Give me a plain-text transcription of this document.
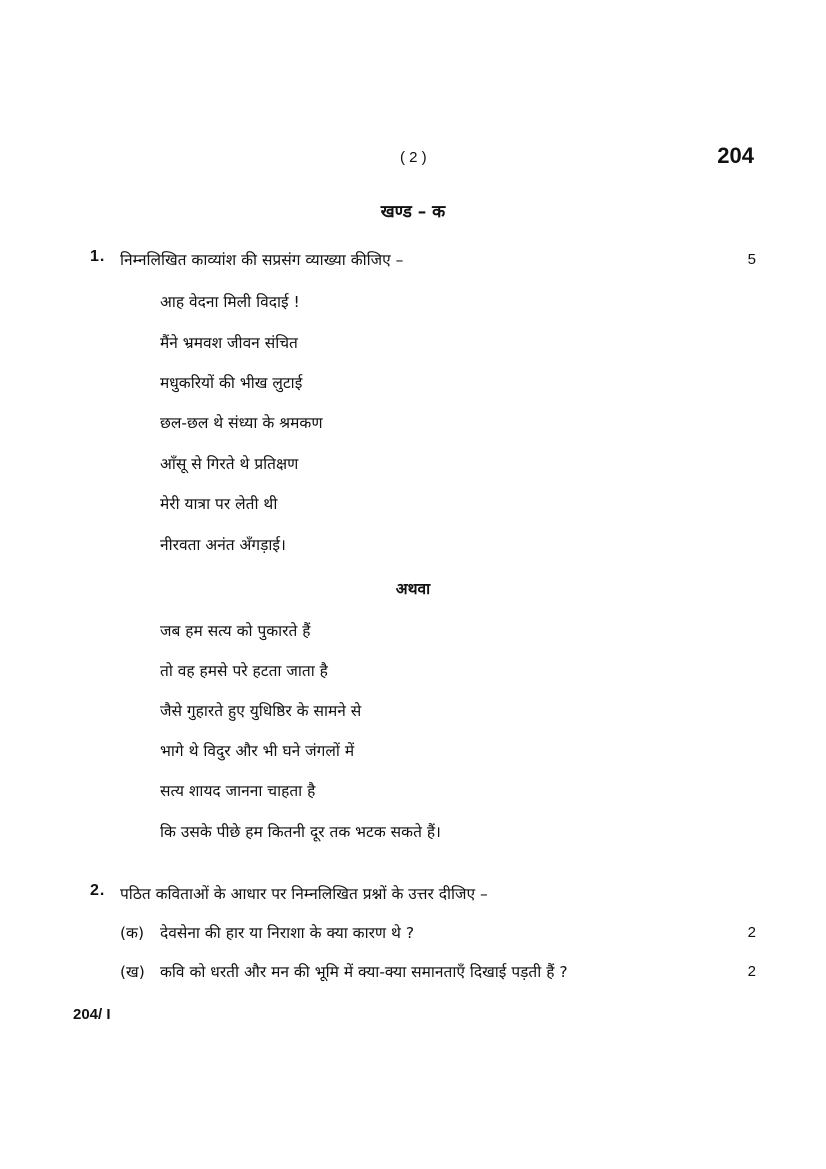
( 2 )	204
खण्ड – क
1. निम्नलिखित काव्यांश की सप्रसंग व्याख्या कीजिए –	5
आह वेदना मिली विदाई !
मैंने भ्रमवश जीवन संचित
मधुकरियों की भीख लुटाई
छल-छल थे संध्या के श्रमकण
आँसू से गिरते थे प्रतिक्षण
मेरी यात्रा पर लेती थी
नीरवता अनंत अँगड़ाई।
अथवा
जब हम सत्य को पुकारते हैं
तो वह हमसे परे हटता जाता है
जैसे गुहारते हुए युधिष्ठिर के सामने से
भागे थे विदुर और भी घने जंगलों में
सत्य शायद जानना चाहता है
कि उसके पीछे हम कितनी दूर तक भटक सकते हैं।
2. पठित कविताओं के आधार पर निम्नलिखित प्रश्नों के उत्तर दीजिए –
(क) देवसेना की हार या निराशा के क्या कारण थे ?	2
(ख) कवि को धरती और मन की भूमि में क्या-क्या समानताएँ दिखाई पड़ती हैं ?	2
204/ I
